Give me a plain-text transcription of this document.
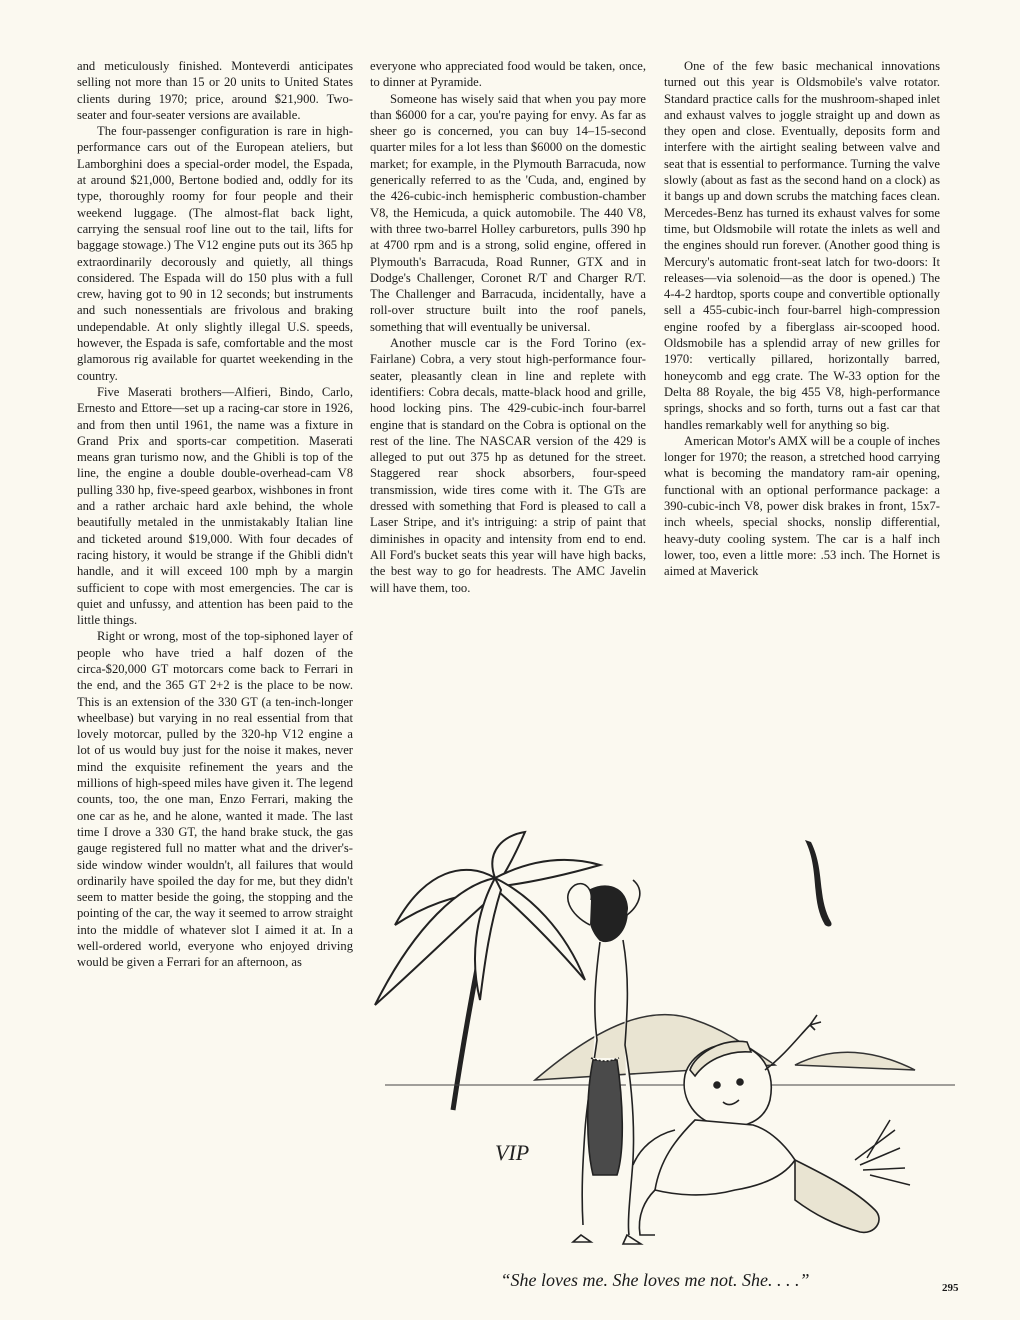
and meticulously finished. Monteverdi anticipates selling not more than 15 or 20 units to United States clients during 1970; price, around $21,900. Two-seater and four-seater versions are available.

The four-passenger configuration is rare in high-performance cars out of the European ateliers, but Lamborghini does a special-order model, the Espada, at around $21,000, Bertone bodied and, oddly for its type, thoroughly roomy for four people and their weekend luggage. (The almost-flat back light, carrying the sensual roof line out to the tail, lifts for baggage stowage.) The V12 engine puts out its 365 hp extraordinarily decorously and quietly, all things considered. The Espada will do 150 plus with a full crew, having got to 90 in 12 seconds; but instruments and such nonessentials are frivolous and braking undependable. At only slightly illegal U.S. speeds, however, the Espada is safe, comfortable and the most glamorous rig available for quartet weekending in the country.

Five Maserati brothers—Alfieri, Bindo, Carlo, Ernesto and Ettore—set up a racing-car store in 1926, and from then until 1961, the name was a fixture in Grand Prix and sports-car competition. Maserati means gran turismo now, and the Ghibli is top of the line, the engine a double double-overhead-cam V8 pulling 330 hp, five-speed gearbox, wishbones in front and a rather archaic hard axle behind, the whole beautifully metaled in the unmistakably Italian line and ticketed around $19,000. With four decades of racing history, it would be strange if the Ghibli didn't handle, and it will exceed 100 mph by a margin sufficient to cope with most emergencies. The car is quiet and unfussy, and attention has been paid to the little things.

Right or wrong, most of the top-siphoned layer of people who have tried a half dozen of the circa-$20,000 GT motorcars come back to Ferrari in the end, and the 365 GT 2+2 is the place to be now. This is an extension of the 330 GT (a ten-inch-longer wheelbase) but varying in no real essential from that lovely motorcar, pulled by the 320-hp V12 engine a lot of us would buy just for the noise it makes, never mind the exquisite refinement the years and the millions of high-speed miles have given it. The legend counts, too, the one man, Enzo Ferrari, making the one car as he, and he alone, wanted it made. The last time I drove a 330 GT, the hand brake stuck, the gas gauge registered full no matter what and the driver's-side window winder wouldn't, all failures that would ordinarily have spoiled the day for me, but they didn't seem to matter beside the going, the stopping and the pointing of the car, the way it seemed to arrow straight into the middle of whatever slot I aimed it at. In a well-ordered world, everyone who enjoyed driving would be given a Ferrari for an afternoon, as

everyone who appreciated food would be taken, once, to dinner at Pyramide.

Someone has wisely said that when you pay more than $6000 for a car, you're paying for envy. As far as sheer go is concerned, you can buy 14–15-second quarter miles for a lot less than $6000 on the domestic market; for example, in the Plymouth Barracuda, now generically referred to as the 'Cuda, and, engined by the 426-cubic-inch hemispheric combustion-chamber V8, the Hemicuda, a quick automobile. The 440 V8, with three two-barrel Holley carburetors, pulls 390 hp at 4700 rpm and is a strong, solid engine, offered in Plymouth's Barracuda, Road Runner, GTX and in Dodge's Challenger, Coronet R/T and Charger R/T. The Challenger and Barracuda, incidentally, have a roll-over structure built into the roof panels, something that will eventually be universal.

Another muscle car is the Ford Torino (ex-Fairlane) Cobra, a very stout high-performance four-seater, pleasantly clean in line and replete with identifiers: Cobra decals, matte-black hood and grille, hood locking pins. The 429-cubic-inch four-barrel engine that is standard on the Cobra is optional on the rest of the line. The NASCAR version of the 429 is alleged to put out 375 hp as detuned for the street. Staggered rear shock absorbers, four-speed transmission, wide tires come with it. The GTs are dressed with something that Ford is pleased to call a Laser Stripe, and it's intriguing: a strip of paint that diminishes in opacity and intensity from end to end. All Ford's bucket seats this year will have high backs, the best way to go for headrests. The AMC Javelin will have them, too.

One of the few basic mechanical innovations turned out this year is Oldsmobile's valve rotator. Standard practice calls for the mushroom-shaped inlet and exhaust valves to joggle straight up and down as they open and close. Eventually, deposits form and interfere with the airtight sealing between valve and seat that is essential to performance. Turning the valve slowly (about as fast as the second hand on a clock) as it bangs up and down scrubs the matching faces clean. Mercedes-Benz has turned its exhaust valves for some time, but Oldsmobile will rotate the inlets as well and the engines should run forever. (Another good thing is Mercury's automatic front-seat latch for two-doors: It releases—via solenoid—as the door is opened.) The 4-4-2 hardtop, sports coupe and convertible optionally sell a 455-cubic-inch four-barrel high-compression engine roofed by a fiberglass air-scooped hood. Oldsmobile has a splendid array of new grilles for 1970: vertically pillared, horizontally barred, honeycomb and egg crate. The W-33 option for the Delta 88 Royale, the big 455 V8, high-performance springs, shocks and so forth, turns out a fast car that handles remarkably well for anything so big.

American Motor's AMX will be a couple of inches longer for 1970; the reason, a stretched hood carrying what is becoming the mandatory ram-air opening, functional with an optional performance package: a 390-cubic-inch V8, power disk brakes in front, 15x7-inch wheels, special shocks, nonslip differential, heavy-duty cooling system. The car is a half inch lower, too, even a little more: .53 inch. The Hornet is aimed at Maverick

VIP
“She loves me. She loves me not. She. . . .”	295
